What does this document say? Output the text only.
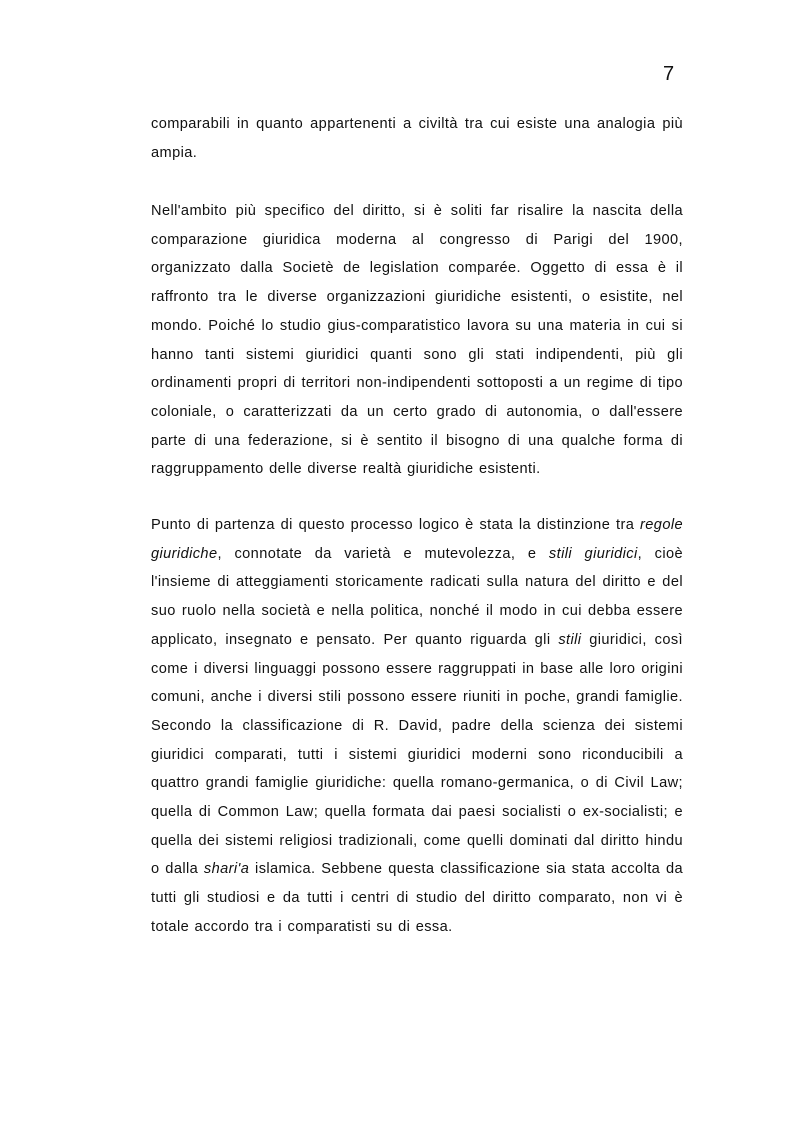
7

comparabili in quanto appartenenti a civiltà tra cui esiste una analogia più ampia.

Nell'ambito più specifico del diritto, si è soliti far risalire la nascita della comparazione giuridica moderna al congresso di Parigi del 1900, organizzato dalla Societè de legislation comparée. Oggetto di essa è il raffronto tra le diverse organizzazioni giuridiche esistenti, o esistite, nel mondo. Poiché lo studio gius-comparatistico lavora su una materia in cui si hanno tanti sistemi giuridici quanti sono gli stati indipendenti, più gli ordinamenti propri di territori non-indipendenti sottoposti a un regime di tipo coloniale, o caratterizzati da un certo grado di autonomia, o dall'essere parte di una federazione, si è sentito il bisogno di una qualche forma di raggruppamento delle diverse realtà giuridiche esistenti.

Punto di partenza di questo processo logico è stata la distinzione tra regole giuridiche, connotate da varietà e mutevolezza, e stili giuridici, cioè l'insieme di atteggiamenti storicamente radicati sulla natura del diritto e del suo ruolo nella società e nella politica, nonché il modo in cui debba essere applicato, insegnato e pensato. Per quanto riguarda gli stili giuridici, così come i diversi linguaggi possono essere raggruppati in base alle loro origini comuni, anche i diversi stili possono essere riuniti in poche, grandi famiglie. Secondo la classificazione di R. David, padre della scienza dei sistemi giuridici comparati, tutti i sistemi giuridici moderni sono riconducibili a quattro grandi famiglie giuridiche: quella romano-germanica, o di Civil Law; quella di Common Law; quella formata dai paesi socialisti o ex-socialisti; e quella dei sistemi religiosi tradizionali, come quelli dominati dal diritto hindu o dalla shari'a islamica. Sebbene questa classificazione sia stata accolta da tutti gli studiosi e da tutti i centri di studio del diritto comparato, non vi è totale accordo tra i comparatisti su di essa.
